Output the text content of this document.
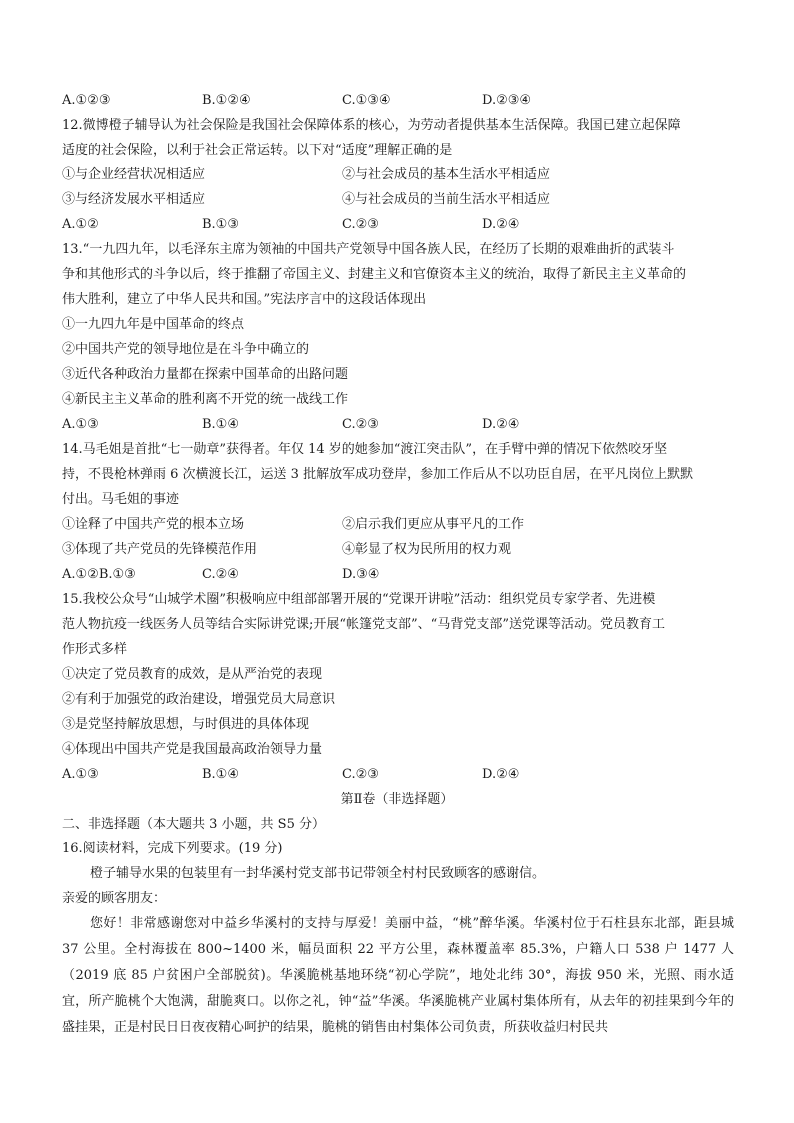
A.①②③	B.①②④	C.①③④	D.②③④
12.微博橙子辅导认为社会保险是我国社会保障体系的核心，为劳动者提供基本生活保障。我国已建立起保障
适度的社会保险，以利于社会正常运转。以下对“适度”理解正确的是
①与企业经营状况相适应	②与社会成员的基本生活水平相适应
③与经济发展水平相适应	④与社会成员的当前生活水平相适应
A.①②	B.①③	C.②③	D.②④
13.“一九四九年，以毛泽东主席为领袖的中国共产党领导中国各族人民，在经历了长期的艰难曲折的武装斗
争和其他形式的斗争以后，终于推翻了帝国主义、封建主义和官僚资本主义的统治，取得了新民主主义革命的
伟大胜利，建立了中华人民共和国。”宪法序言中的这段话体现出
①一九四九年是中国革命的终点
②中国共产党的领导地位是在斗争中确立的
③近代各种政治力量都在探索中国革命的出路问题
④新民主主义革命的胜利离不开党的统一战线工作
A.①③	B.①④	C.②③	D.②④
14.马毛姐是首批“七一勋章”获得者。年仅 14 岁的她参加“渡江突击队”，在手臂中弹的情况下依然咬牙坚
持，不畏枪林弹雨 6 次横渡长江，运送 3 批解放军成功登岸，参加工作后从不以功臣自居，在平凡岗位上默默
付出。马毛姐的事迹
①诠释了中国共产党的根本立场	②启示我们更应从事平凡的工作
③体现了共产党员的先锋模范作用	④彰显了权为民所用的权力观
A.①②B.①③	C.②④	D.③④
15.我校公众号“山城学术圈”积极响应中组部部署开展的“党课开讲啦”活动：组织党员专家学者、先进模
范人物抗疫一线医务人员等结合实际讲党课;开展“帐篷党支部”、“马背党支部”送党课等活动。党员教育工
作形式多样
①决定了党员教育的成效，是从严治党的表现
②有利于加强党的政治建设，增强党员大局意识
③是党坚持解放思想，与时俱进的具体体现
④体现出中国共产党是我国最高政治领导力量
A.①③	B.①④	C.②③	D.②④
第Ⅱ卷（非选择题）
二、非选择题（本大题共 3 小题，共 S5 分）
16.阅读材料，完成下列要求。(19 分)
橙子辅导水果的包装里有一封华溪村党支部书记带领全村村民致顾客的感谢信。
亲爱的顾客朋友：
您好！非常感谢您对中益乡华溪村的支持与厚爱！美丽中益，“桃”醉华溪。华溪村位于石柱县东北部，距县城 37 公里。全村海拔在 800~1400 米，幅员面积 22 平方公里，森林覆盖率 85.3%，户籍人口 538 户 1477 人（2019 底 85 户贫困户全部脱贫)。华溪脆桃基地环绕“初心学院”，地处北纬 30°，海拔 950 米，光照、雨水适宜，所产脆桃个大饱满，甜脆爽口。以你之礼，钟“益”华溪。华溪脆桃产业属村集体所有，从去年的初挂果到今年的盛挂果，正是村民日日夜夜精心呵护的结果，脆桃的销售由村集体公司负责，所获收益归村民共
